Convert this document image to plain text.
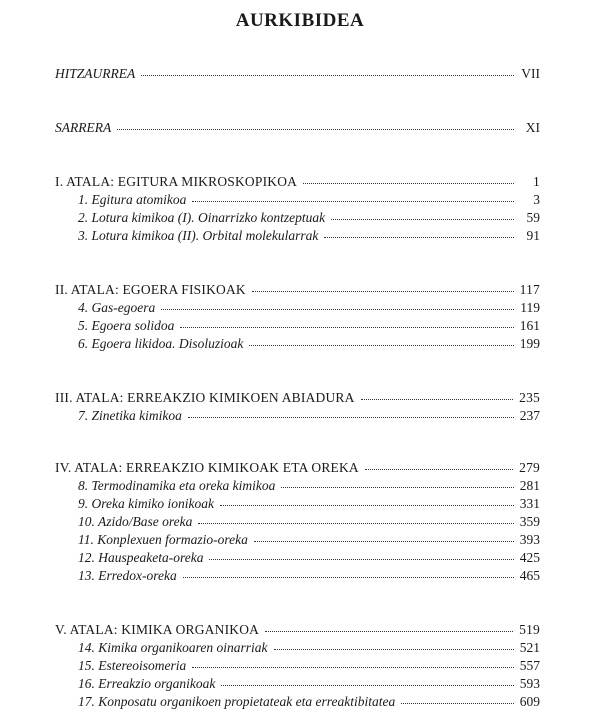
AURKIBIDEA
HITZAURREA	VII
SARRERA	XI
I. ATALA: EGITURA MIKROSKOPIKOA	1
1. Egitura atomikoa	3
2. Lotura kimikoa (I). Oinarrizko kontzeptuak	59
3. Lotura kimikoa (II). Orbital molekularrak	91
II. ATALA: EGOERA FISIKOAK	117
4. Gas-egoera	119
5. Egoera solidoa	161
6. Egoera likidoa. Disoluzioak	199
III. ATALA: ERREAKZIO KIMIKOEN ABIADURA	235
7. Zinetika kimikoa	237
IV. ATALA: ERREAKZIO KIMIKOAK ETA OREKA	279
8. Termodinamika eta oreka kimikoa	281
9. Oreka kimiko ionikoak	331
10. Azido/Base oreka	359
11. Konplexuen formazio-oreka	393
12. Hauspeaketa-oreka	425
13. Erredox-oreka	465
V. ATALA: KIMIKA ORGANIKOA	519
14. Kimika organikoaren oinarriak	521
15. Estereoisomeria	557
16. Erreakzio organikoak	593
17. Konposatu organikoen propietateak eta erreaktibitatea	609
